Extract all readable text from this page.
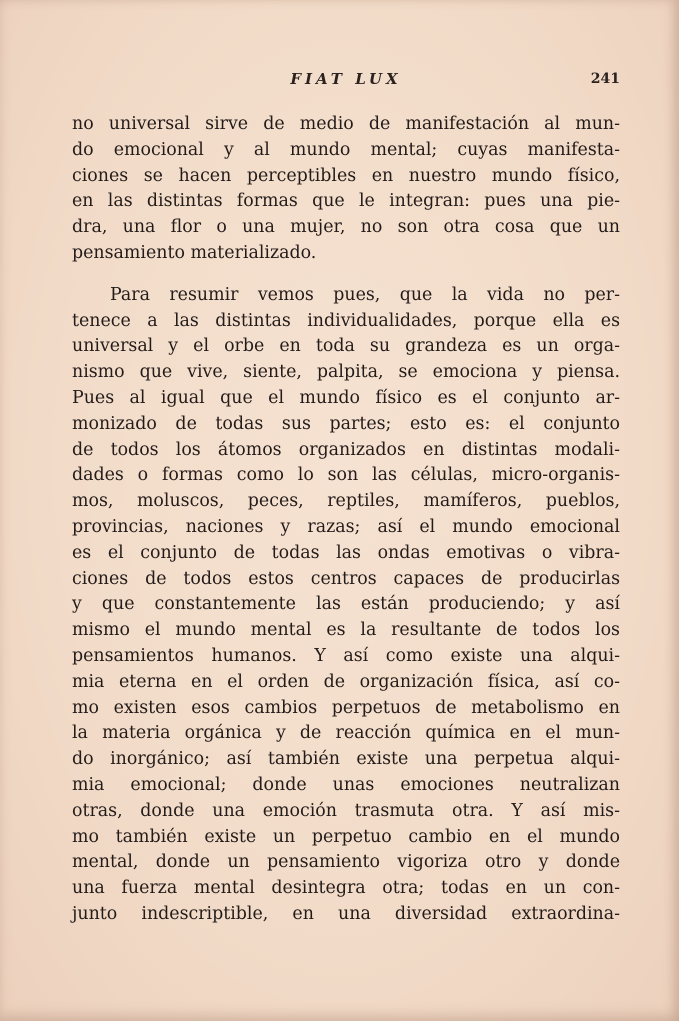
FIAT LUX	241
no universal sirve de medio de manifestación al mun-
do emocional y al mundo mental; cuyas manifesta-
ciones se hacen perceptibles en nuestro mundo físico,
en las distintas formas que le integran: pues una pie-
dra, una flor o una mujer, no son otra cosa que un
pensamiento materializado.
Para resumir vemos pues, que la vida no per-
tenece a las distintas individualidades, porque ella es
universal y el orbe en toda su grandeza es un orga-
nismo que vive, siente, palpita, se emociona y piensa.
Pues al igual que el mundo físico es el conjunto ar-
monizado de todas sus partes; esto es: el conjunto
de todos los átomos organizados en distintas modali-
dades o formas como lo son las células, micro-organis-
mos, moluscos, peces, reptiles, mamíferos, pueblos,
provincias, naciones y razas; así el mundo emocional
es el conjunto de todas las ondas emotivas o vibra-
ciones de todos estos centros capaces de producirlas
y que constantemente las están produciendo; y así
mismo el mundo mental es la resultante de todos los
pensamientos humanos. Y así como existe una alqui-
mia eterna en el orden de organización física, así co-
mo existen esos cambios perpetuos de metabolismo en
la materia orgánica y de reacción química en el mun-
do inorgánico; así también existe una perpetua alqui-
mia emocional; donde unas emociones neutralizan
otras, donde una emoción trasmuta otra. Y así mis-
mo también existe un perpetuo cambio en el mundo
mental, donde un pensamiento vigoriza otro y donde
una fuerza mental desintegra otra; todas en un con-
junto indescriptible, en una diversidad extraordina-
